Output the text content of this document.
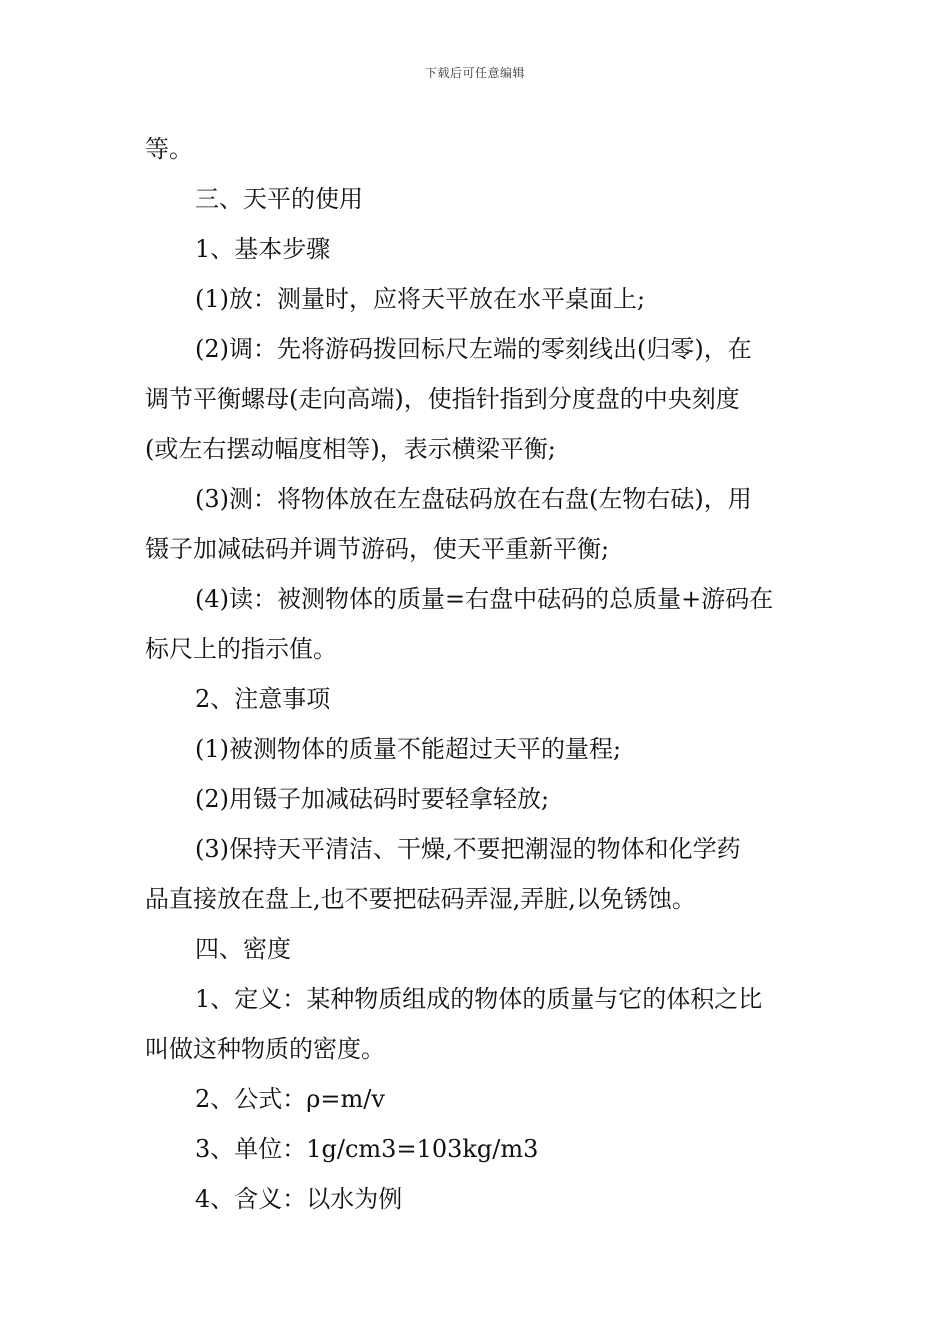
下载后可任意编辑

等。

三、天平的使用

1、基本步骤

(1)放：测量时，应将天平放在水平桌面上;

(2)调：先将游码拨回标尺左端的零刻线出(归零)，在

调节平衡螺母(走向高端)，使指针指到分度盘的中央刻度

(或左右摆动幅度相等)，表示横梁平衡;

(3)测：将物体放在左盘砝码放在右盘(左物右砝)，用

镊子加减砝码并调节游码，使天平重新平衡;

(4)读：被测物体的质量=右盘中砝码的总质量+游码在

标尺上的指示值。

2、注意事项

(1)被测物体的质量不能超过天平的量程;

(2)用镊子加减砝码时要轻拿轻放;

(3)保持天平清洁、干燥,不要把潮湿的物体和化学药

品直接放在盘上,也不要把砝码弄湿,弄脏,以免锈蚀。

四、密度

1、定义：某种物质组成的物体的质量与它的体积之比

叫做这种物质的密度。

2、公式：ρ=m/v

3、单位：1g/cm3=103kg/m3

4、含义：以水为例
